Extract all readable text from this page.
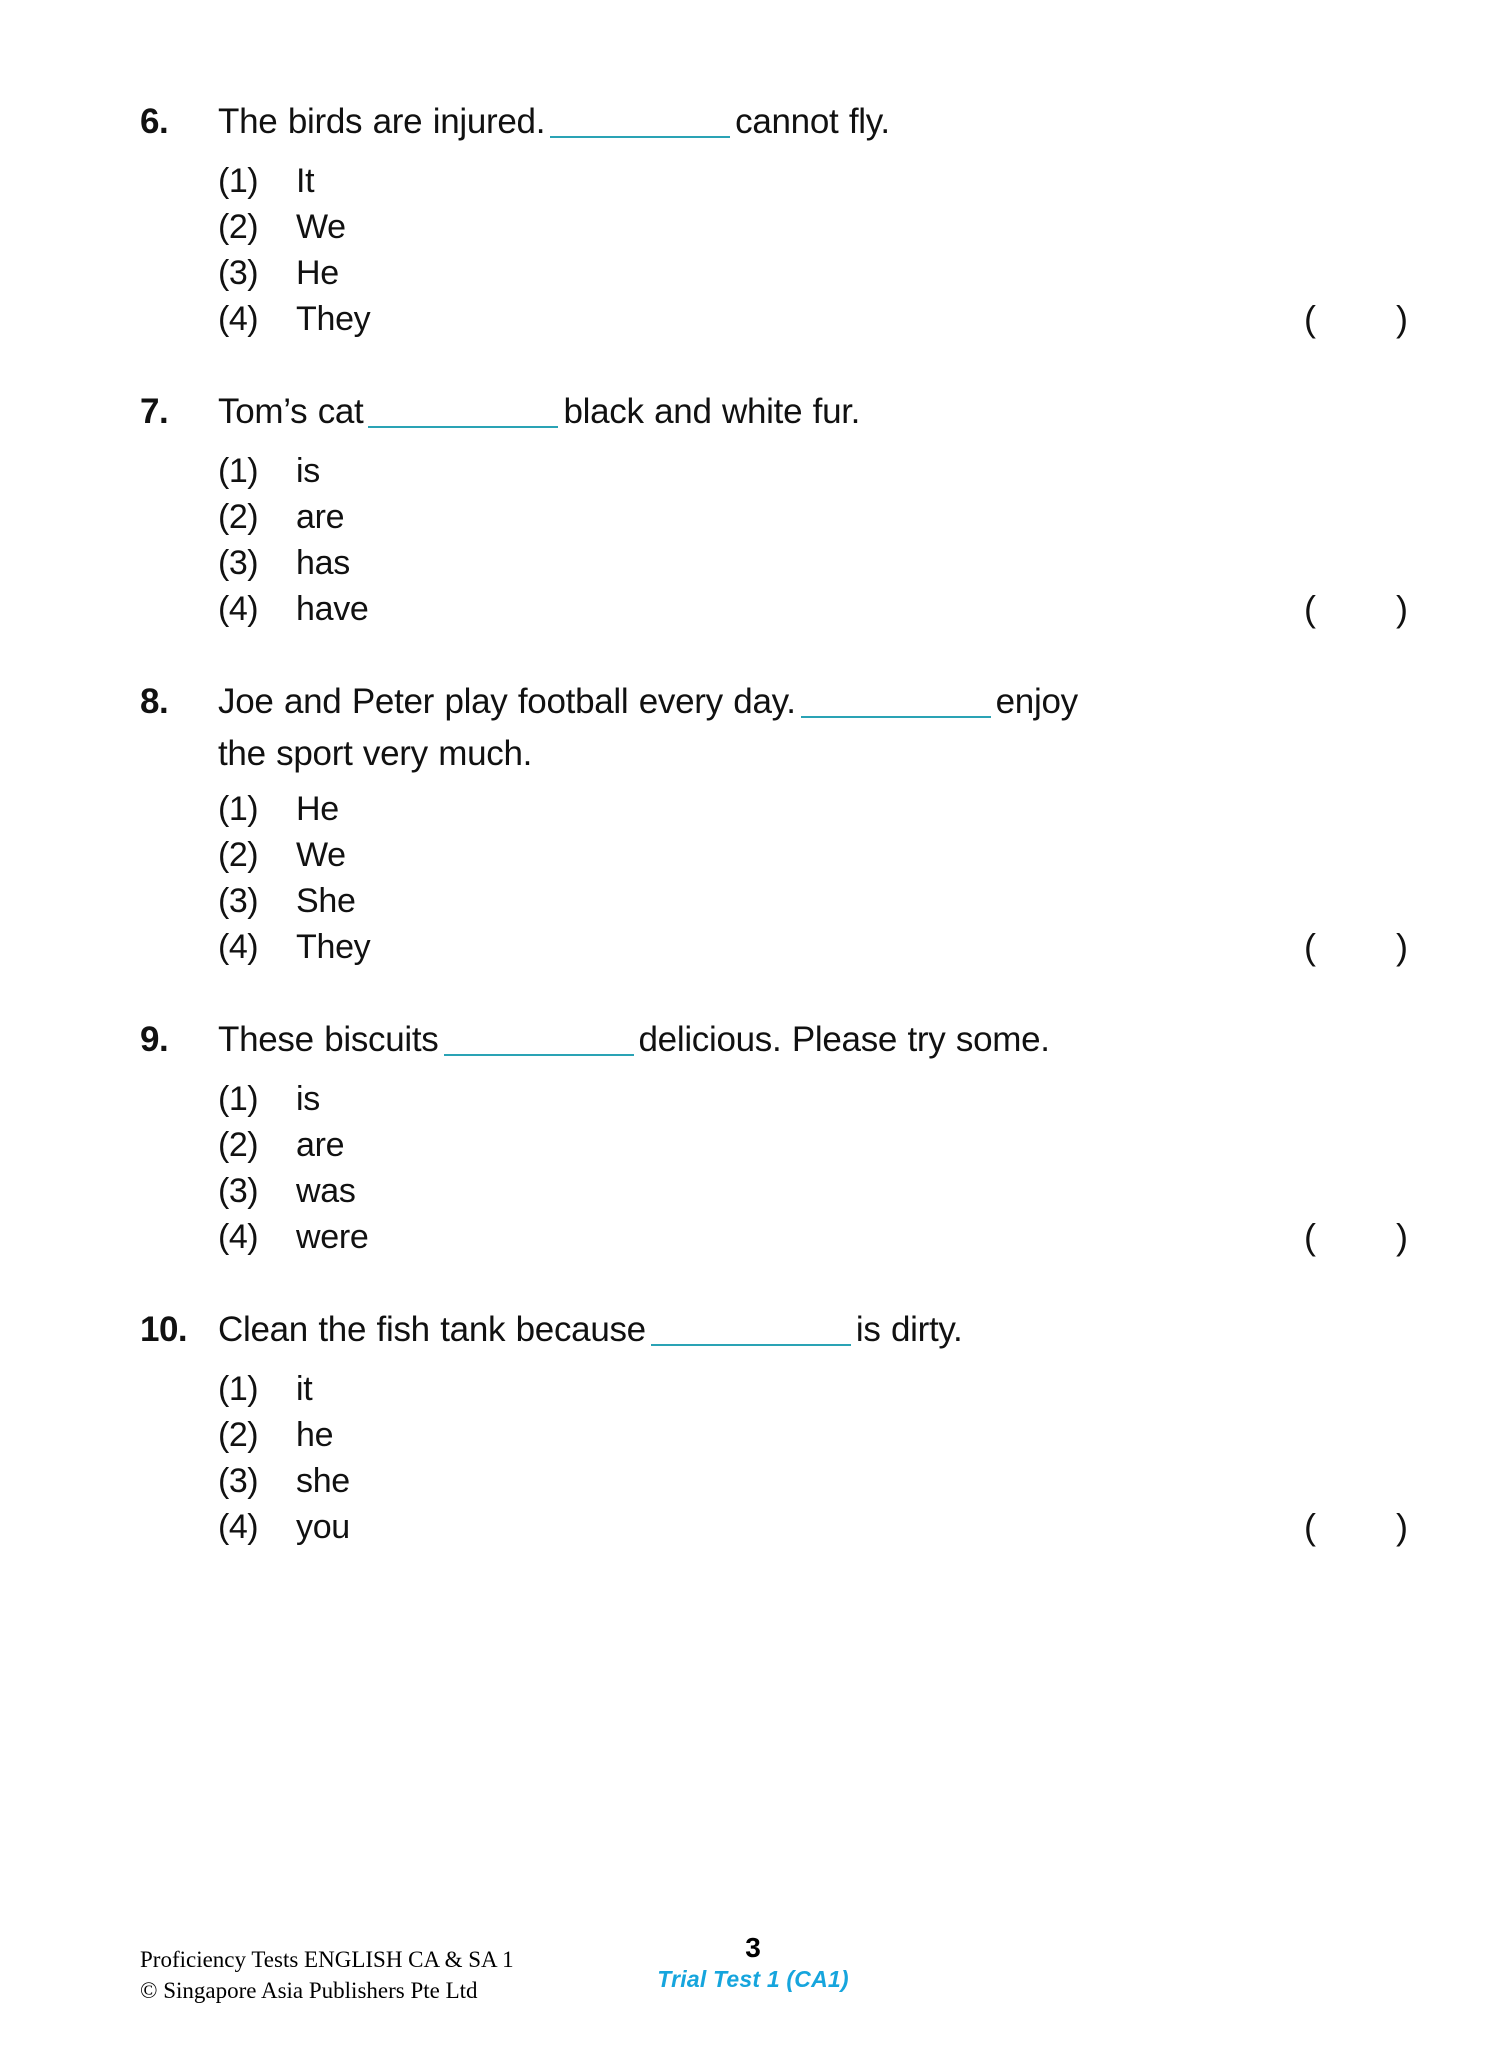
6.	The birds are injured.	cannot fly.
(1)	It
(2)	We
(3)	He
(4)	They	( )
7.	Tom’s cat	black and white fur.
(1)	is
(2)	are
(3)	has
(4)	have	( )
8.	Joe and Peter play football every day.	enjoy
the sport very much.
(1)	He
(2)	We
(3)	She
(4)	They	( )
9.	These biscuits	delicious. Please try some.
(1)	is
(2)	are
(3)	was
(4)	were	( )
10. Clean the fish tank because	is dirty.
(1)	it
(2)	he
(3)	she
(4)	you	( )
Proficiency Tests ENGLISH CA & SA 1
© Singapore Asia Publishers Pte Ltd
3
Trial Test 1 (CA1)
